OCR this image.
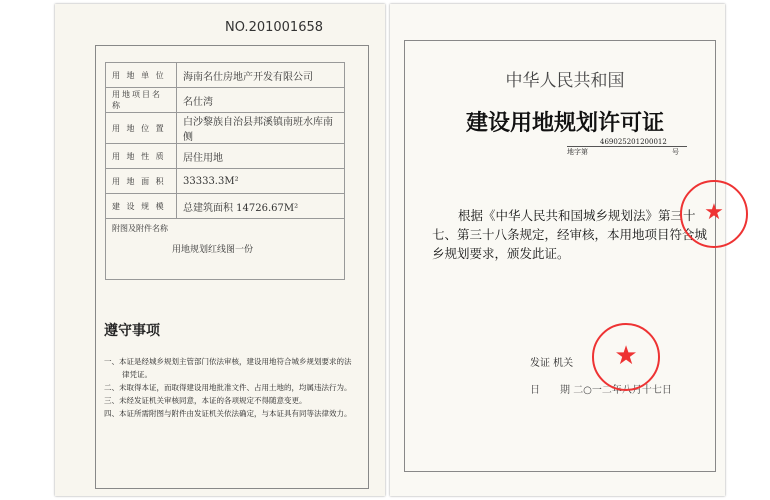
NO.201001658
用 地 单 位	海南名仕房地产开发有限公司
用地项目名称	名仕湾
用 地 位 置	白沙黎族自治县邦溪镇南班水库南侧
用 地 性 质	居住用地
用 地 面 积	33333.3M²
建 设 规 模	总建筑面积 14726.67M²

附图及附件名称
用地规划红线图一份	
遵守事项
一、本证是经城乡规划主管部门依法审核，建设用地符合城乡规划要求的法律凭证。
二、未取得本证，而取得建设用地批准文件、占用土地的，均属违法行为。
三、未经发证机关审核同意，本证的各项规定不得随意变更。
四、本证所需附图与附件由发证机关依法确定，与本证具有同等法律效力。
中华人民共和国
建设用地规划许可证
地字第
469025201200012
号

根据《中华人民共和国城乡规划法》第三十七、第三十八条规定，经审核，本用地项目符合城乡规划要求，颁发此证。

发证 机关
日　　期 二○一二年八月十七日
★
★
